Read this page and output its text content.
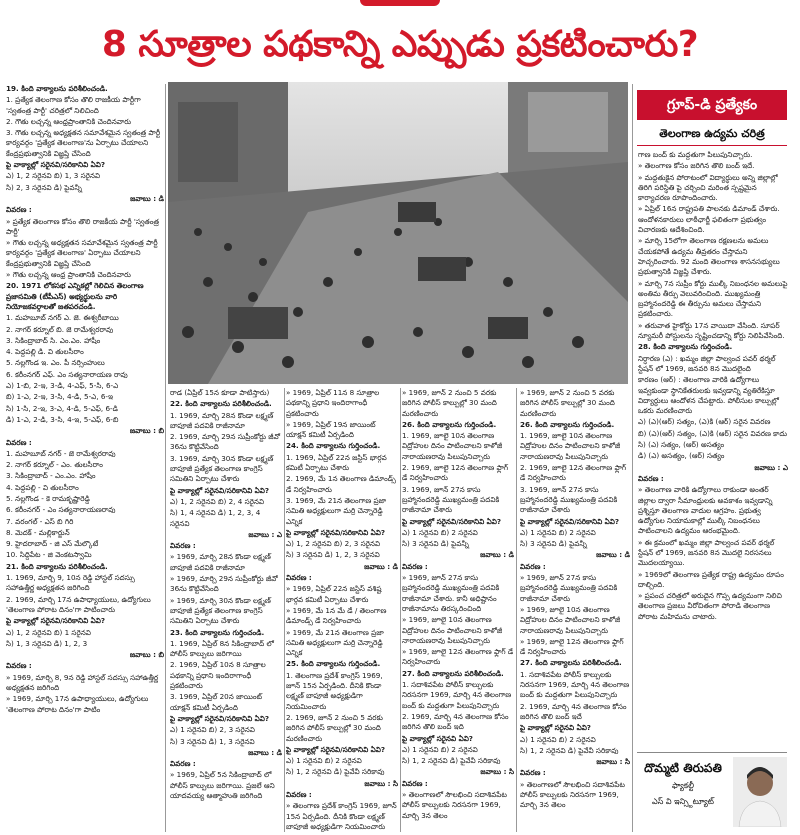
8 సూత్రాల పథకాన్ని ఎప్పుడు ప్రకటించారు?

19. కింది వాక్యాలను పరిశీలించండి.

1. ప్రత్యేక తెలంగాణ కోసం తొలి రాజకీయ పార్టీగా 'స్వతంత్ర పార్టీ' చరిత్రలో నిలిచింది

2. గౌతు లచ్చన్న ఆంధ్రప్రాంతానికి చెందినవారు

3. గౌతు లచ్చన్న అధ్యక్షతన సమావేశమైన స్వతంత్ర పార్టీ కార్యవర్గం 'ప్రత్యేక తెలంగాణ'ను ఏర్పాటు చేయాలని కేంద్రప్రభుత్వానికి విజ్ఞప్తి చేసింది

పై వాక్యాల్లో సరైనవి/సరికానివి ఏవి?

ఎ) 1, 2 సరైనవి బి) 1, 3 సరైనవి

సి) 2, 3 సరైనవి డి) పైవన్నీ

జవాబు : డి

వివరణ :

» ప్రత్యేక తెలంగాణ కోసం తొలి రాజకీయ పార్టీ 'స్వతంత్ర పార్టీ'

» గౌతు లచ్చన్న అధ్యక్షతన సమావేశమైన స్వతంత్ర పార్టీ కార్యవర్గం 'ప్రత్యేక తెలంగాణ' ఏర్పాటు చేయాలని కేంద్రప్రభుత్వానికి విజ్ఞప్తి చేసింది

» గౌతు లచ్చన్న ఆంధ్ర ప్రాంతానికి చెందినవారు

20. 1971 లోకసభ ఎన్నికల్లో గెలిచిన తెలంగాణ ప్రజాసమితి (టీపీఎస్) అభ్యర్థులను వారి నియోజకవర్గాలతో జతపరచండి.

1. మహబూబ్ నగర్ ఎ. జె. ఈశ్వరీబాయి

2. నాగర్ కర్నూల్ బి. జె రామేశ్వరరావు

3. సికింద్రాబాద్ సి. ఎం.ఎం. హాషీం

4. పెద్దపల్లి డి. వి తులసీరాం

5. నల్లగొండ ఇ. ఎం. పీ నర్సింహులు

6. కరీంనగర్ ఎఫ్. ఎం సత్యనారాయణ రావు

ఎ) 1-బి, 2-ఇ, 3-డి, 4-ఎఫ్, 5-సి, 6-ఎ

బి) 1-ఎ, 2-ఇ, 3-సి, 4-డి, 5-ఎ, 6-ఇ

సి) 1-సి, 2-ఇ, 3-ఎ, 4-డి, 5-ఎఫ్, 6-డి

డి) 1-ఎ, 2-డి, 3-సి, 4-ఇ, 5-ఎఫ్, 6-బి

జవాబు : బి

వివరణ :

1. మహబూబ్ నగర్ - జె రామేశ్వరరావు

2. నాగర్ కర్నూల్ - ఎం. తులసీరాం

3. సికింద్రాబాద్ - ఎం.ఎం. హాషీం

4. పెద్దపల్లి - వి తులసీరాం

5. నల్లగొండ - కె రామకృష్ణారెడ్డి

6. కరీంనగర్ - ఎం సత్యనారాయణరావు

7. వరంగల్ - ఎస్ బి గిరి

8. మెదక్ - మల్లికార్జున్

9. హైదరాబాద్ - జి ఎస్ మేల్కొటే

10. సిద్దిపేట - జి వెంకటస్వామి

21. కింది వాక్యాలను పరిశీలించండి.

1. 1969, మార్చి 9, 10న రెడ్డి హాస్టల్ సదస్సు సహాఉత్తీర్ణ అధ్యక్షతన జరిగింది

2. 1969, మార్చి 17న ఉపాధ్యాయులు, ఉద్యోగులు 'తెలంగాణ పోరాట దినం'గా పాటించారు

పై వాక్యాల్లో సరైనవి/సరికానివి ఏవి?

ఎ) 1, 2 సరైనవి బి) 1 సరైనవి

సి) 1, 3 సరైనవి డి) 1, 2, 3

జవాబు : బి

వివరణ :

» 1969, మార్చి 8, 9న రెడ్డి హాస్టల్ సదస్సు సహాఉత్తీర్ణ అధ్యక్షతన జరిగింది

» 1969, మార్చి 17న ఉపాధ్యాయులు, ఉద్యోగులు 'తెలంగాణ పోరాట దినం'గా పాటిం

గ్రూప్-డి ప్రత్యేకం
తెలంగాణ ఉద్యమ చరిత్ర

గాణ బంద్ కు మద్దతుగా పిలుపునిచ్చారు.

» తెలంగాణ కోసం జరిగిన తొలి బంద్ ఇదే.

» మద్దతుకైన పోరాటంలో విద్యార్థులు అన్ని జిల్లాల్లో తిరిగి పరిస్థితి పై చర్చించి మరింత స్పష్టమైన కార్యాచరణ రూపొందించారు.

» ఏప్రిల్ 16న రాష్ట్రపతి పాలనకు డిమాండ్ చేశారు. ఆందోళనకారులు లాఠీఛార్జీ ఫలితంగా ప్రభుత్వం విచారణకు ఆదేశించింది.

» మార్చి 15లోగా తెలంగాణ రక్షణలను అమలు చేయకపోతే ఉద్యమ తీవ్రతరం చేస్తామని హెచ్చరించారు. 92 మంది తెలంగాణ శాసనసభ్యులు ప్రభుత్వానికి విజ్ఞప్తి చేశారు.

» మార్చి 7న సుప్రీం కోర్టు ముల్కీ నిబంధనల అమలుపై అంతిమ తీర్పు వెలువరించింది. ముఖ్యమంత్రి బ్రహ్మానందరెడ్డి ఈ తీర్పును అమలు చేస్తామని ప్రకటించారు.

» తరువాత హైకోర్టు 17న వాయిదా వేసింది. సూపర్ న్యూమరీ పోస్టులను సృష్టించడాన్ని కోర్టు నిలిపివేసింది.

28. కింది వాక్యాలను గుర్తించండి.

నిర్ధారణ (ఎ) : ఖమ్మం జిల్లా పాల్వంచ పవర్ థర్మల్ స్టేషన్ లో 1969, జనవరి 8న మొదలైంది

కారణం (ఆర్) : తెలంగాణ వారికి ఉద్యోగాలు ఇవ్వకుండా స్థానికేతరులకు ఇవ్వడాన్ని వ్యతిరేకిస్తూ విద్యార్థులు ఆందోళన చేపట్టారు. పోలీసుల కాల్పుల్లో ఒకరు మరణించారు

ఎ) (ఎ)(ఆర్) సత్యం, (ఎ)కి (ఆర్) సరైన వివరణ

బి) (ఎ)(ఆర్) సత్యం, (ఎ)కి (ఆర్) సరైన వివరణ కాదు

సి) (ఎ) సత్యం, (ఆర్) అసత్యం

డి) (ఎ) అసత్యం, (ఆర్) సత్యం

జవాబు : ఎ

వివరణ :

» తెలంగాణ వారికి ఉద్యోగాలు రాకుండా అంతర్ జిల్లాల ద్వారా సీమాంధ్రులకు అవకాశం ఇవ్వడాన్ని ప్రశ్నిస్తూ తెలంగాణ వాదుల ఆగ్రహం. ప్రభుత్వ ఉద్యోగుల నియామకాల్లో ముల్కీ నిబంధనలు పాటించాలని ఉద్యమం ఆరంభమైంది.

» ఈ క్రమంలో ఖమ్మం జిల్లా పాల్వంచ పవర్ థర్మల్ స్టేషన్ లో 1969, జనవరి 8న మొదలై నిరసనలు మొదలయ్యాయి.

» 1969లో తెలంగాణ ప్రత్యేక రాష్ట్ర ఉద్యమం రూపం దాల్చింది.

» ప్రపంచ చరిత్రలో అరుదైన గొప్ప ఉద్యమంగా నిలిచి తెలంగాణ ప్రజలు వీరోచితంగా పోరాడి తెలంగాణ పోరాట మహిమను చాటారు.

రాడ (ఏప్రిల్ 15న కూడా పాటిస్తారు)

22. కింది వాక్యాలను పరిశీలించండి.

1. 1969, మార్చి 28న కొండా లక్ష్మణ్ బాపూజీ పదవికి రాజీనామా

2. 1969, మార్చి 29న సుప్రీంకోర్టు జీవో 36ను కొట్టివేసింది

3. 1969, మార్చి 30న కొండా లక్ష్మణ్ బాపూజీ ప్రత్యేక తెలంగాణ కాంగ్రెస్ సమితిని ఏర్పాటు చేశారు

పై వాక్యాల్లో సరైనవి/సరికానివి ఏవి?

ఎ) 1, 2 సరైనవి బి) 2, 4 సరైనవి

సి) 1, 4 సరైనవి డి) 1, 2, 3, 4 సరైనవి

జవాబు : ఎ

వివరణ :

» 1969, మార్చి 28న కొండా లక్ష్మణ్ బాపూజీ పదవికి రాజీనామా

» 1969, మార్చి 29న సుప్రీంకోర్టు జీవో 36ను కొట్టివేసింది

» 1969, మార్చి 30న కొండా లక్ష్మణ్ బాపూజీ ప్రత్యేక తెలంగాణ కాంగ్రెస్ సమితిని ఏర్పాటు చేశారు

23. కింది వాక్యాలను గుర్తించండి.

1. 1969, ఏప్రిల్ 8న సికింద్రాబాద్ లో పోలీస్ కాల్పులు జరిగాయి

2. 1969, ఏప్రిల్ 10న 8 సూత్రాల పథకాన్ని ప్రధాని ఇందిరాగాంధీ ప్రకటించారు

3. 1969, ఏప్రిల్ 20న జాయింట్ యాక్షన్ కమిటీ ఏర్పడింది

పై వాక్యాల్లో సరైనవి/సరికానివి ఏవి?

ఎ) 1 సరైనవి బి) 2, 3 సరైనవి

సి) 3 సరైనవి డి) 1, 3 సరైనవి

జవాబు : డి

వివరణ :

» 1969, ఏప్రిల్ 5న సికింద్రాబాద్ లో పోలీస్ కాల్పులు జరిగాయి. ప్రజలే ఆని యాదవయ్య ఆత్మాహుతి జరిగింది

» 1969, ఏప్రిల్ 11న 8 సూత్రాల పథకాన్ని ప్రధాని ఇందిరాగాంధీ ప్రకటించారు

» 1969, ఏప్రిల్ 19న జాయింట్ యాక్షన్ కమిటీ ఏర్పడింది

24. కింది వాక్యాలను గుర్తించండి.

1. 1969, ఏప్రిల్ 22న జస్టిస్ భార్గవ కమిటీ ఏర్పాటు చేశారు

2. 1969, మే 1న తెలంగాణ డిమాండ్స్ డే నిర్వహించారు

3. 1969, మే 21న తెలంగాణ ప్రజా సమితి అధ్యక్షులుగా మర్రి చెన్నారెడ్డి ఎన్నిక

పై వాక్యాల్లో సరైనవి/సరికానివి ఏవి?

ఎ) 1, 2 సరైనవి బి) 2, 3 సరైనవి

సి) 3 సరైనవి డి) 1, 2, 3 సరైనవి

జవాబు : డి

వివరణ :

» 1969, ఏప్రిల్ 22న జస్టిస్ వశిష్ట భార్గవ కమిటీ ఏర్పాటు చేశారు

» 1969, మే 1న మే డే / తెలంగాణ డిమాండ్స్ డే నిర్వహించారు

» 1969, మే 21న తెలంగాణ ప్రజా సమితి అధ్యక్షులుగా మర్రి చెన్నారెడ్డి ఎన్నిక

25. కింది వాక్యాలను గుర్తించండి.

1. తెలంగాణ ప్రదేశ్ కాంగ్రెస్ 1969, జూన్ 15న ఏర్పడింది. దీనికి కొండా లక్ష్మణ్ బాపూజీ అధ్యక్షుడిగా నియమించారు

2. 1969, జూన్ 2 నుంచి 5 వరకు జరిగిన పోలీస్ కాల్పుల్లో 30 మంది మరణించారు

పై వాక్యాల్లో సరైనవి/సరికానివి ఏవి?

ఎ) 1 సరైనవి బి) 2 సరైనవి

సి) 1, 2 సరైనవి డి) పైవేవీ సరికావు

జవాబు : సి

వివరణ :

» తెలంగాణ ప్రదేశ్ కాంగ్రెస్ 1969, జూన్ 15న ఏర్పడింది. దీనికి కొండా లక్ష్మణ్ బాపూజీ అధ్యక్షుడిగా నియమించారు

» 1969, జూన్ 2 నుంచి 5 వరకు జరిగిన పోలీస్ కాల్పుల్లో 30 మంది మరణించారు

26. కింది వాక్యాలను గుర్తించండి.

1. 1969, జూలై 10న తెలంగాణ విద్రోహుల దినం పాటించాలని కాళోజీ నారాయణరావు పిలుపునిచ్చారు

2. 1969, జూలై 12న తెలంగాణ ఫ్లాగ్ డే నిర్వహించారు

3. 1969, జూన్ 27న కాసు బ్రహ్మానందరెడ్డి ముఖ్యమంత్రి పదవికి రాజీనామా చేశారు

పై వాక్యాల్లో సరైనవి/సరికానివి ఏవి?

ఎ) 1 సరైనవి బి) 2 సరైనవి

సి) 3 సరైనవి డి) పైవన్నీ

జవాబు : డి

వివరణ :

» 1969, జూన్ 27న కాసు బ్రహ్మానందరెడ్డి ముఖ్యమంత్రి పదవికి రాజీనామా చేశారు. కానీ అధిష్టానం రాజీనామాను తిరస్కరించింది

» 1969, జూలై 10న తెలంగాణ విద్రోహుల దినం పాటించాలని కాళోజీ నారాయణరావు పిలుపునిచ్చారు

» 1969, జూలై 12న తెలంగాణ ఫ్లాగ్ డే నిర్వహించారు

27. కింది వాక్యాలను పరిశీలించండి.

1. సదాశివపేట పోలీస్ కాల్పులకు నిరసనగా 1969, మార్చి 4న తెలంగాణ బంద్ కు మద్దతుగా పిలుపునిచ్చారు

2. 1969, మార్చి 4న తెలంగాణ కోసం జరిగిన తొలి బంద్ ఇది

పై వాక్యాల్లో సరైనవి ఏవి?

ఎ) 1 సరైనవి బి) 2 సరైనవి

సి) 1, 2 సరైనవి డి) పైవేవీ సరికావు

జవాబు : సి

వివరణ :

» తెలంగాణలో సౌలభించి సదాశివపేట పోలీస్ కాల్పులకు నిరసనగా 1969, మార్చి 3న తెలం

» 1969, జూన్ 2 నుంచి 5 వరకు జరిగిన పోలీస్ కాల్పుల్లో 30 మంది మరణించారు

26. కింది వాక్యాలను గుర్తించండి.

1. 1969, జూలై 10న తెలంగాణ విద్రోహుల దినం పాటించాలని కాళోజీ నారాయణరావు పిలుపునిచ్చారు

2. 1969, జూలై 12న తెలంగాణ ఫ్లాగ్ డే నిర్వహించారు

3. 1969, జూన్ 27న కాసు బ్రహ్మానందరెడ్డి ముఖ్యమంత్రి పదవికి రాజీనామా చేశారు

పై వాక్యాల్లో సరైనవి/సరికానివి ఏవి?

ఎ) 1 సరైనవి బి) 2 సరైనవి

సి) 3 సరైనవి డి) పైవన్నీ

జవాబు : డి

వివరణ :

» 1969, జూన్ 27న కాసు బ్రహ్మానందరెడ్డి ముఖ్యమంత్రి పదవికి రాజీనామా చేశారు

» 1969, జూలై 10న తెలంగాణ విద్రోహుల దినం పాటించాలని కాళోజీ నారాయణరావు పిలుపునిచ్చారు

» 1969, జూలై 12న తెలంగాణ ఫ్లాగ్ డే నిర్వహించారు

27. కింది వాక్యాలను పరిశీలించండి.

1. సదాశివపేట పోలీస్ కాల్పులకు నిరసనగా 1969, మార్చి 4న తెలంగాణ బంద్ కు మద్దతుగా పిలుపునిచ్చారు

2. 1969, మార్చి 4న తెలంగాణ కోసం జరిగిన తొలి బంద్ ఇదే

పై వాక్యాల్లో సరైనవి ఏవి?

ఎ) 1 సరైనవి బి) 2 సరైనవి

సి) 1, 2 సరైనవి డి) పైవేవీ సరికావు

జవాబు : సి

వివరణ :

» తెలంగాణలో సౌలభించి సదాశివపేట పోలీస్ కాల్పులకు నిరసనగా 1969, మార్చి 3న తెలం

దొమ్మటి తిరుపతి
ఫ్యాకల్టీ
ఎస్ వి ఇన్స్టిట్యూట్
